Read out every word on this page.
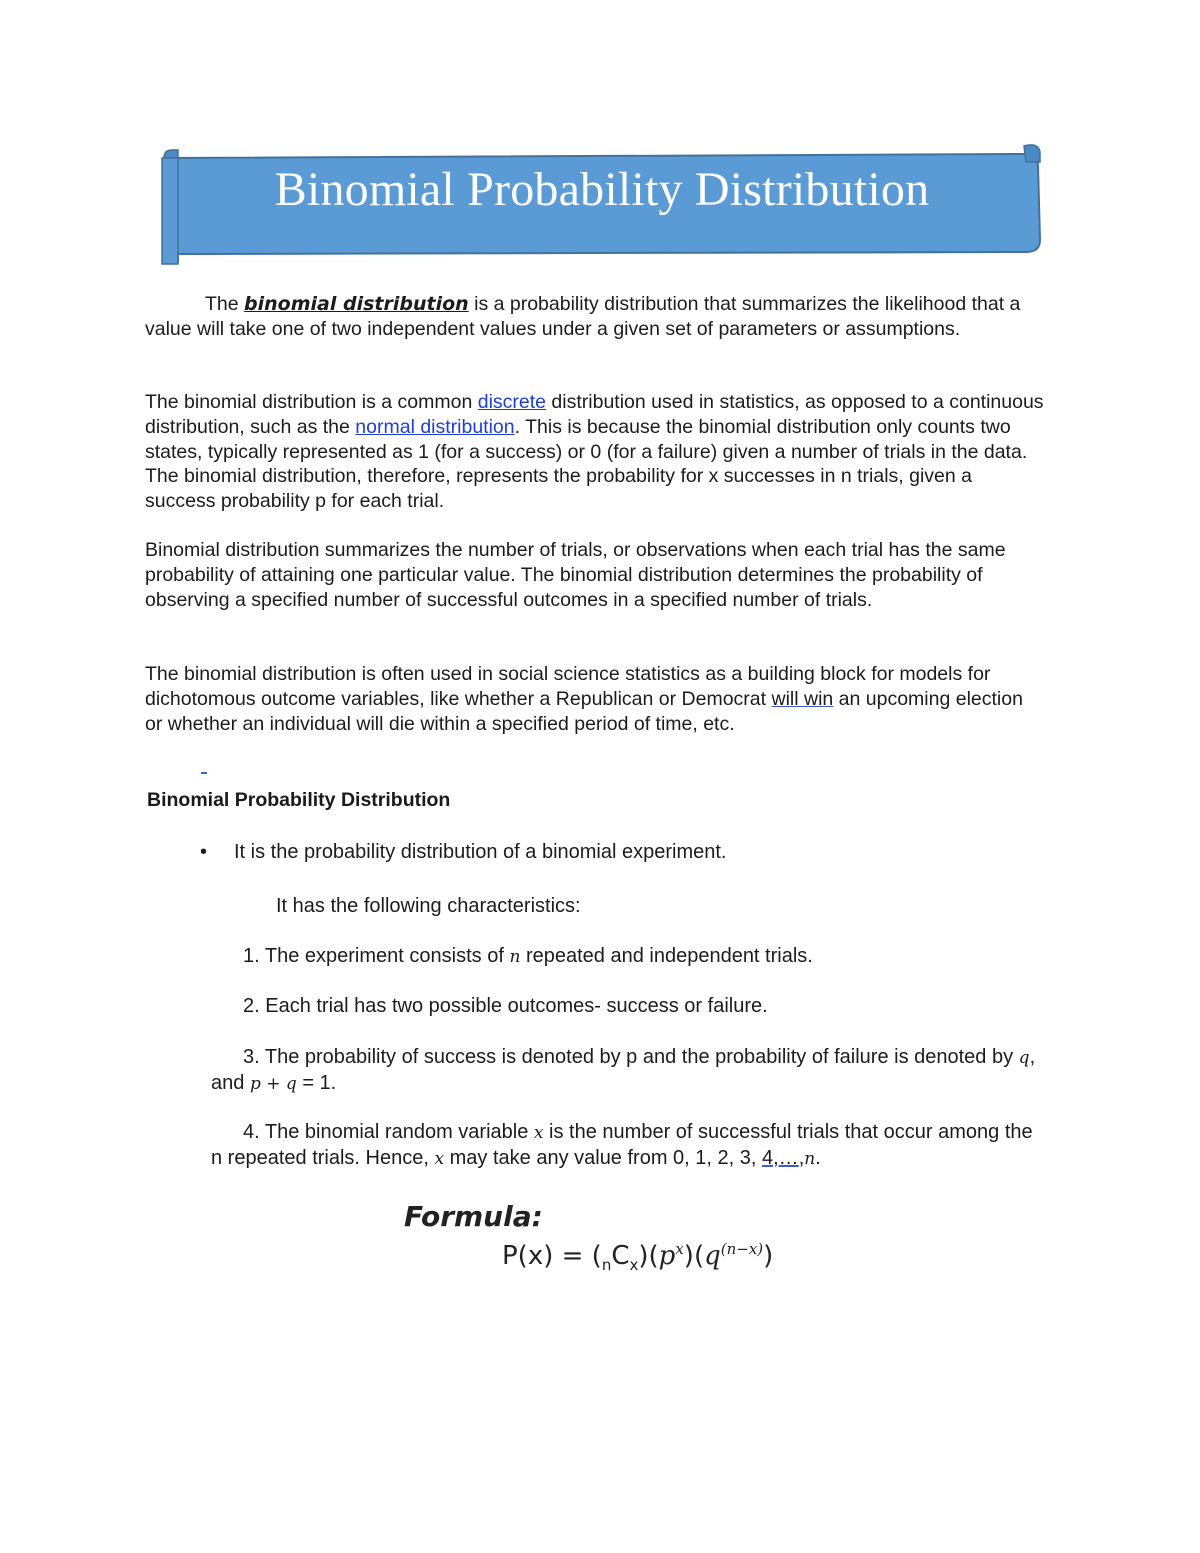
Binomial Probability Distribution
The binomial distribution is a probability distribution that summarizes the likelihood that a value will take one of two independent values under a given set of parameters or assumptions.
The binomial distribution is a common discrete distribution used in statistics, as opposed to a continuous distribution, such as the normal distribution. This is because the binomial distribution only counts two states, typically represented as 1 (for a success) or 0 (for a failure) given a number of trials in the data. The binomial distribution, therefore, represents the probability for x successes in n trials, given a success probability p for each trial.
Binomial distribution summarizes the number of trials, or observations when each trial has the same probability of attaining one particular value. The binomial distribution determines the probability of observing a specified number of successful outcomes in a specified number of trials.
The binomial distribution is often used in social science statistics as a building block for models for dichotomous outcome variables, like whether a Republican or Democrat will win an upcoming election or whether an individual will die within a specified period of time, etc.
Binomial Probability Distribution
• It is the probability distribution of a binomial experiment.
It has the following characteristics:
1. The experiment consists of n repeated and independent trials.
2. Each trial has two possible outcomes- success or failure.
3. The probability of success is denoted by p and the probability of failure is denoted by q, and p + q = 1.
4. The binomial random variable x is the number of successful trials that occur among the n repeated trials. Hence, x may take any value from 0, 1, 2, 3, 4,…,n.
Formula:
$P(x) = (_nC_x)(p^x)(q^{(n-x)})$
